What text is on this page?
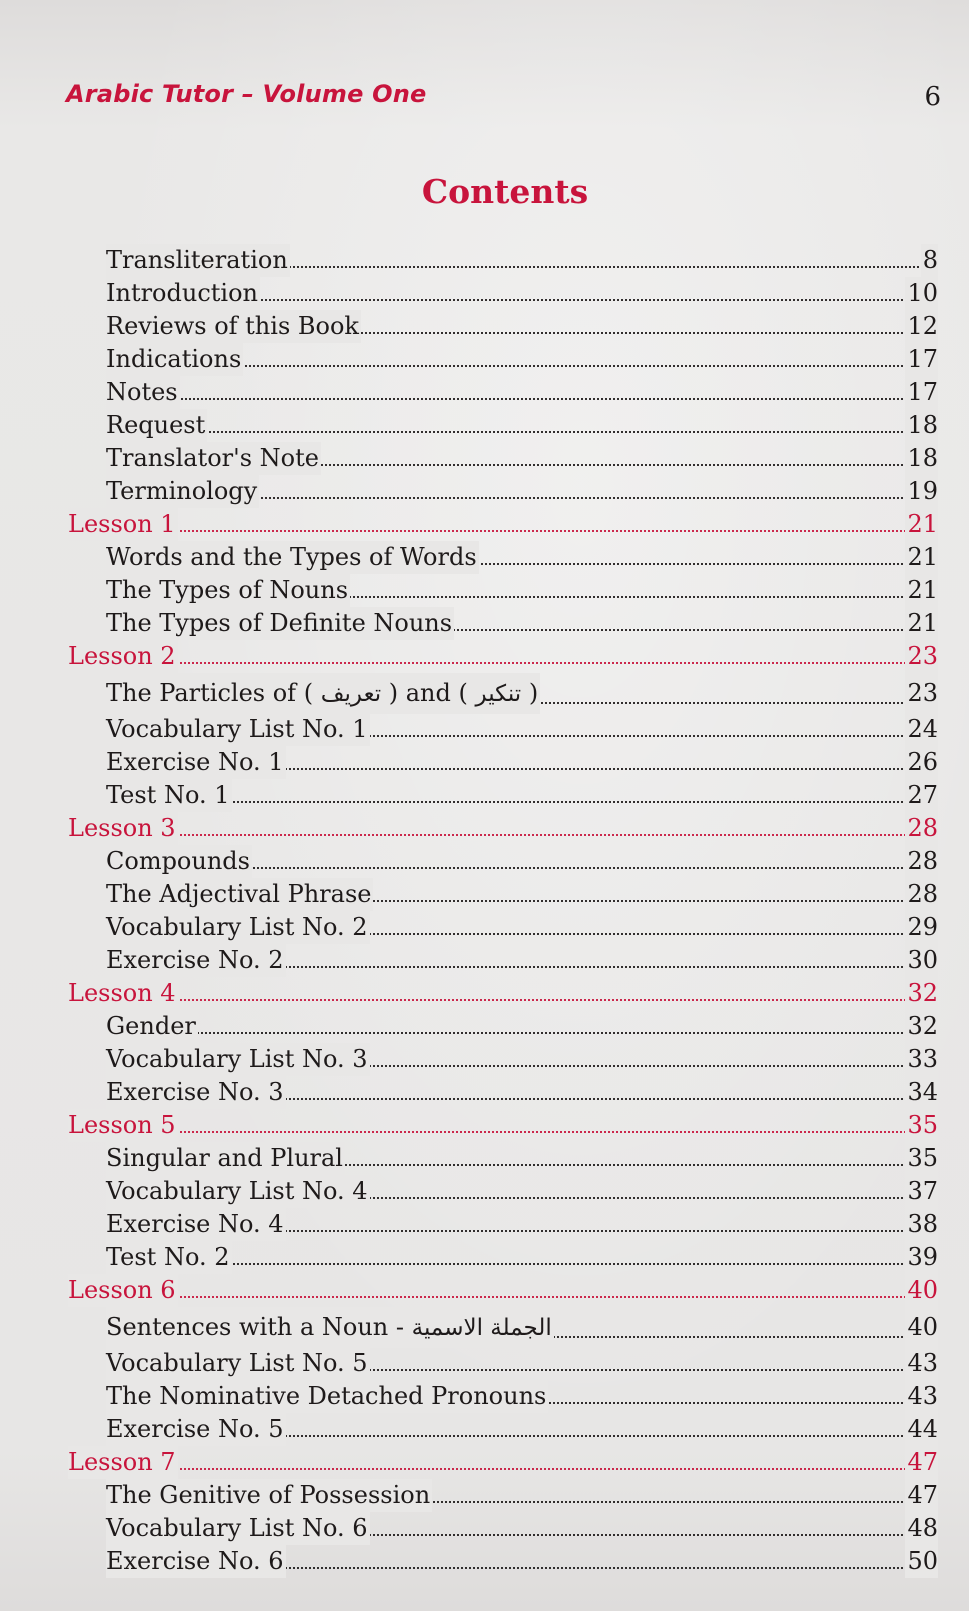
Arabic Tutor – Volume One	6
Contents
Transliteration	8
Introduction	10
Reviews of this Book	12
Indications	17
Notes	17
Request	18
Translator's Note	18
Terminology	19
Lesson 1	21
Words and the Types of Words	21
The Types of Nouns	21
The Types of Definite Nouns	21
Lesson 2	23
The Particles of ( تعريف ) and ( تنكير )	23
Vocabulary List No. 1	24
Exercise No. 1	26
Test No. 1	27
Lesson 3	28
Compounds	28
The Adjectival Phrase	28
Vocabulary List No. 2	29
Exercise No. 2	30
Lesson 4	32
Gender	32
Vocabulary List No. 3	33
Exercise No. 3	34
Lesson 5	35
Singular and Plural	35
Vocabulary List No. 4	37
Exercise No. 4	38
Test No. 2	39
Lesson 6	40
Sentences with a Noun - الجملة الاسمية	40
Vocabulary List No. 5	43
The Nominative Detached Pronouns	43
Exercise No. 5	44
Lesson 7	47
The Genitive of Possession	47
Vocabulary List No. 6	48
Exercise No. 6	50
